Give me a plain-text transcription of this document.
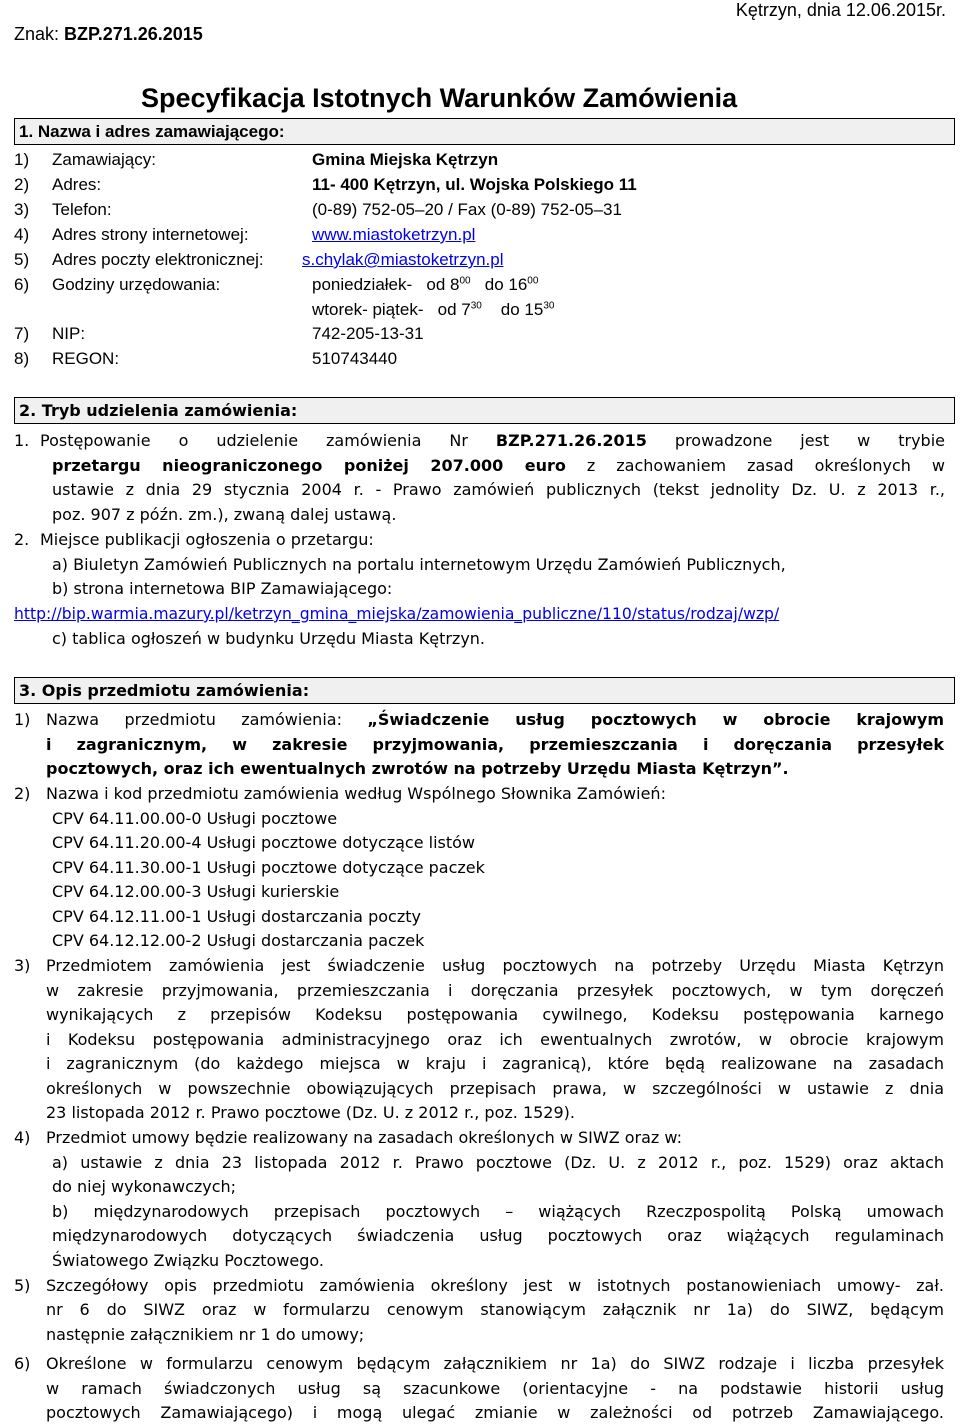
Znak: BZP.271.26.2015
Kętrzyn, dnia 12.06.2015r.
Specyfikacja Istotnych Warunków Zamówienia
1. Nazwa i adres zamawiającego:
1) Zamawiający:	Gmina Miejska Kętrzyn
2) Adres:	11- 400 Kętrzyn, ul. Wojska Polskiego 11
3) Telefon:	(0-89) 752-05–20 / Fax (0-89) 752-05–31
4) Adres strony internetowej:	www.miastoketrzyn.pl
5) Adres poczty elektronicznej: s.chylak@miastoketrzyn.pl
6) Godziny urzędowania:	poniedziałek- od $8^{00}$ do $16^{00}$
wtorek- piątek- od $7^{30}$ do $15^{30}$
7) NIP:	742-205-13-31
8) REGON:	510743440
2. Tryb udzielenia zamówienia:
1. Postępowanie o udzielenie zamówienia Nr BZP.271.26.2015 prowadzone jest w trybie
przetargu nieograniczonego poniżej 207.000 euro z zachowaniem zasad określonych w
ustawie z dnia 29 stycznia 2004 r. - Prawo zamówień publicznych (tekst jednolity Dz. U. z 2013 r.,
poz. 907 z późn. zm.), zwaną dalej ustawą.
2. Miejsce publikacji ogłoszenia o przetargu:
a) Biuletyn Zamówień Publicznych na portalu internetowym Urzędu Zamówień Publicznych,
b) strona internetowa BIP Zamawiającego:
http://bip.warmia.mazury.pl/ketrzyn_gmina_miejska/zamowienia_publiczne/110/status/rodzaj/wzp/
c) tablica ogłoszeń w budynku Urzędu Miasta Kętrzyn.
3. Opis przedmiotu zamówienia:
1) Nazwa przedmiotu zamówienia: „Świadczenie usług pocztowych w obrocie krajowym
i zagranicznym, w zakresie przyjmowania, przemieszczania i doręczania przesyłek
pocztowych, oraz ich ewentualnych zwrotów na potrzeby Urzędu Miasta Kętrzyn”.
2) Nazwa i kod przedmiotu zamówienia według Wspólnego Słownika Zamówień:
CPV 64.11.00.00-0 Usługi pocztowe
CPV 64.11.20.00-4 Usługi pocztowe dotyczące listów
CPV 64.11.30.00-1 Usługi pocztowe dotyczące paczek
CPV 64.12.00.00-3 Usługi kurierskie
CPV 64.12.11.00-1 Usługi dostarczania poczty
CPV 64.12.12.00-2 Usługi dostarczania paczek
3) Przedmiotem zamówienia jest świadczenie usług pocztowych na potrzeby Urzędu Miasta Kętrzyn
w zakresie przyjmowania, przemieszczania i doręczania przesyłek pocztowych, w tym doręczeń
wynikających z przepisów Kodeksu postępowania cywilnego, Kodeksu postępowania karnego
i Kodeksu postępowania administracyjnego oraz ich ewentualnych zwrotów, w obrocie krajowym
i zagranicznym (do każdego miejsca w kraju i zagranicą), które będą realizowane na zasadach
określonych w powszechnie obowiązujących przepisach prawa, w szczególności w ustawie z dnia
23 listopada 2012 r. Prawo pocztowe (Dz. U. z 2012 r., poz. 1529).
4) Przedmiot umowy będzie realizowany na zasadach określonych w SIWZ oraz w:
a) ustawie z dnia 23 listopada 2012 r. Prawo pocztowe (Dz. U. z 2012 r., poz. 1529) oraz aktach
do niej wykonawczych;
b) międzynarodowych przepisach pocztowych – wiążących Rzeczpospolitą Polską umowach
międzynarodowych dotyczących świadczenia usług pocztowych oraz wiążących regulaminach
Światowego Związku Pocztowego.
5) Szczegółowy opis przedmiotu zamówienia określony jest w istotnych postanowieniach umowy- zał.
nr 6 do SIWZ oraz w formularzu cenowym stanowiącym załącznik nr 1a) do SIWZ, będącym
następnie załącznikiem nr 1 do umowy;
6) Określone w formularzu cenowym będącym załącznikiem nr 1a) do SIWZ rodzaje i liczba przesyłek
w ramach świadczonych usług są szacunkowe (orientacyjne - na podstawie historii usług
pocztowych Zamawiającego) i mogą ulegać zmianie w zależności od potrzeb Zamawiającego.
